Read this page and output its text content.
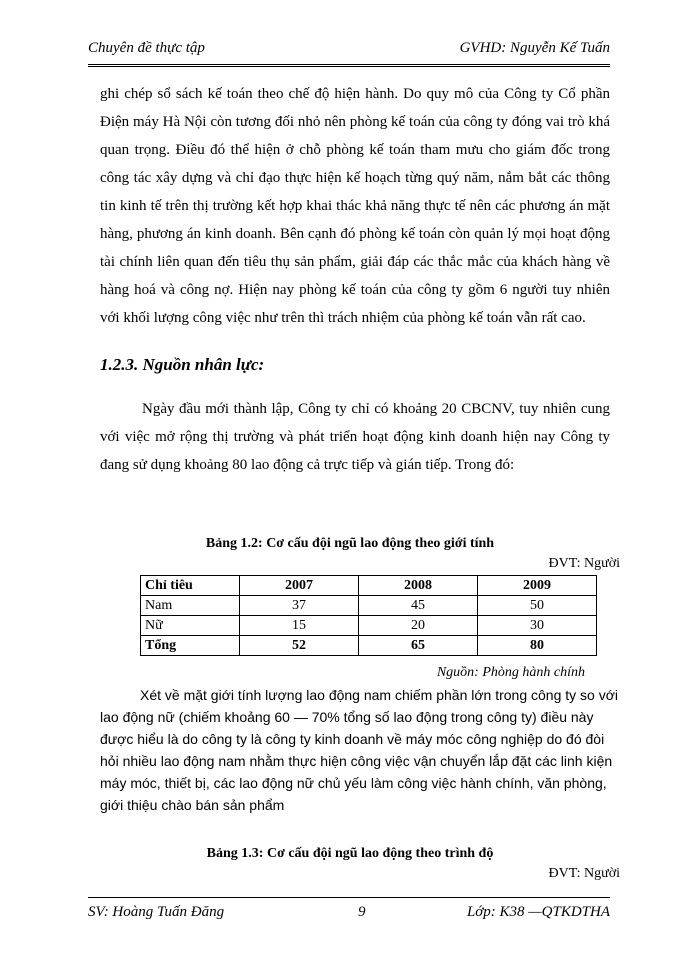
Chuyên đề thực tập	GVHD: Nguyễn Kế Tuấn

ghi chép sổ sách kế toán theo chế độ hiện hành. Do quy mô của Công ty Cổ phần Điện máy Hà Nội còn tương đối nhỏ nên phòng kế toán của công ty đóng vai trò khá quan trọng. Điều đó thể hiện ở chỗ phòng kế toán tham mưu cho giám đốc trong công tác xây dựng và chỉ đạo thực hiện kế hoạch từng quý năm, nắm bắt các thông tin kinh tế trên thị trường kết hợp khai thác khả năng thực tế nên các phương án mặt hàng, phương án kinh doanh. Bên cạnh đó phòng kế toán còn quản lý mọi hoạt động tài chính liên quan đến tiêu thụ sản phẩm, giải đáp các thắc mắc của khách hàng về hàng hoá và công nợ. Hiện nay phòng kế toán của công ty gồm 6 người tuy nhiên với khối lượng công việc như trên thì trách nhiệm của phòng kế toán vẫn rất cao.

1.2.3. Nguồn nhân lực:

Ngày đầu mới thành lập, Công ty chỉ có khoảng 20 CBCNV, tuy nhiên cung với việc mở rộng thị trường và phát triển hoạt động kinh doanh hiện nay Công ty đang sử dụng khoảng 80 lao động cả trực tiếp và gián tiếp. Trong đó:

Bảng 1.2: Cơ cấu đội ngũ lao động theo giới tính
ĐVT: Người
Chỉ tiêu	2007	2008	2009
Nam	37	45	50
Nữ	15	20	30
Tổng	52	65	80
Nguồn: Phòng hành chính

Xét về mặt giới tính lượng lao động nam chiếm phần lớn trong công ty so với lao động nữ (chiếm khoảng 60 — 70% tổng số lao động trong công ty) điều này được hiểu là do công ty là công ty kinh doanh về máy móc công nghiệp do đó đòi hỏi nhiều lao động nam nhằm thực hiện công việc vận chuyển lắp đặt các linh kiện máy móc, thiết bị, các lao động nữ chủ yếu làm công việc hành chính, văn phòng, giới thiệu chào bán sản phẩm

Bảng 1.3: Cơ cấu đội ngũ lao động theo trình độ
ĐVT: Người
SV: Hoàng Tuấn Đăng	9	Lớp: K38 —QTKDTHA
